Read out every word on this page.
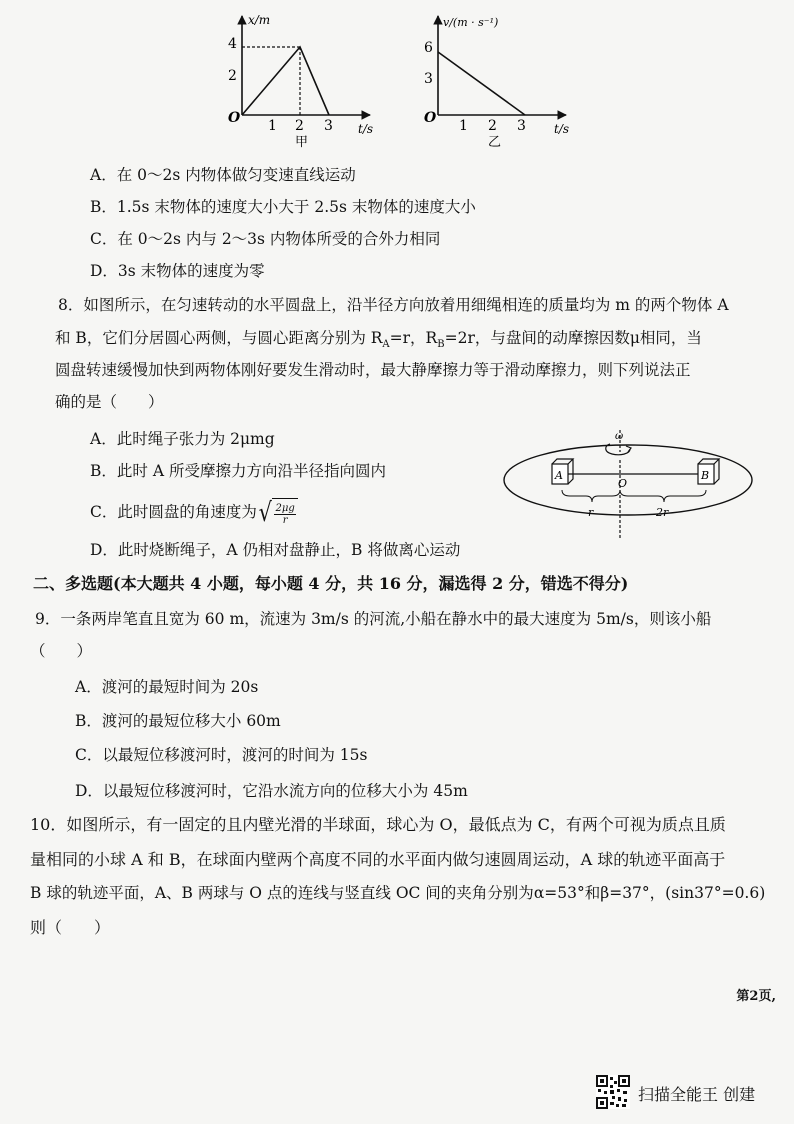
x/m
t/s
O
4
2
1 2 3
甲
v/(m · s⁻¹)
t/s
O
6
3
1 2 3
乙
A．在 0～2s 内物体做匀变速直线运动
B．1.5s 末物体的速度大小大于 2.5s 末物体的速度大小
C．在 0～2s 内与 2～3s 内物体所受的合外力相同
D．3s 末物体的速度为零
8．如图所示，在匀速转动的水平圆盘上，沿半径方向放着用细绳相连的质量均为 m 的两个物体 A
和 B，它们分居圆心两侧，与圆心距离分别为 $R_A=r$，$R_B=2r$，与盘间的动摩擦因数μ相同，当
圆盘转速缓慢加快到两物体刚好要发生滑动时，最大静摩擦力等于滑动摩擦力，则下列说法正
确的是（　　）
A．此时绳子张力为 2μmg
B．此时 A 所受摩擦力方向沿半径指向圆内
C．此时圆盘的角速度为√ $\frac{2\mu g}{r}$
D．此时烧断绳子，A 仍相对盘静止，B 将做离心运动
ω
A	B
O
r	2r
二、多选题(本大题共 4 小题，每小题 4 分，共 16 分，漏选得 2 分，错选不得分)
9．一条两岸笔直且宽为 60 m，流速为 3m/s 的河流,小船在静水中的最大速度为 5m/s，则该小船
（　　）
A．渡河的最短时间为 20s
B．渡河的最短位移大小 60m
C．以最短位移渡河时，渡河的时间为 15s
D．以最短位移渡河时，它沿水流方向的位移大小为 45m
10．如图所示，有一固定的且内壁光滑的半球面，球心为 O，最低点为 C，有两个可视为质点且质
量相同的小球 A 和 B，在球面内壁两个高度不同的水平面内做匀速圆周运动，A 球的轨迹平面高于
B 球的轨迹平面，A、B 两球与 O 点的连线与竖直线 OC 间的夹角分别为α=53°和β=37°，(sin37°=0.6)
则（　　）
第2页,
扫描全能王 创建
